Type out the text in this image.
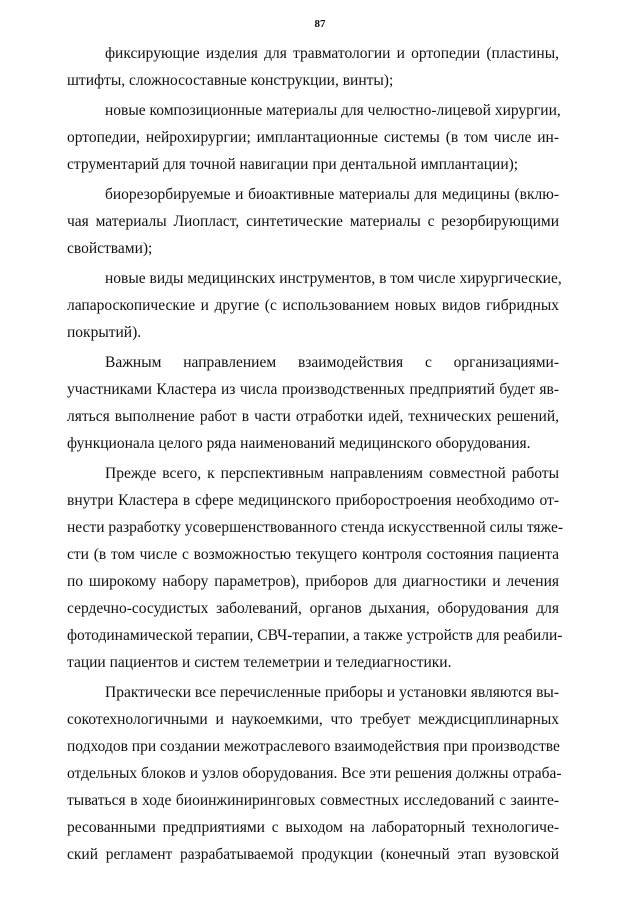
87
фиксирующие изделия для травматологии и ортопедии (пластины,
штифты, сложносоставные конструкции, винты);
новые композиционные материалы для челюстно-лицевой хирургии,
ортопедии, нейрохирургии; имплантационные системы (в том числе ин-
струментарий для точной навигации при дентальной имплантации);
биорезорбируемые и биоактивные материалы для медицины (вклю-
чая материалы Лиопласт, синтетические материалы с резорбирующими
свойствами);
новые виды медицинских инструментов, в том числе хирургические,
лапароскопические и другие (с использованием новых видов гибридных
покрытий).
Важным направлением взаимодействия с организациями-
участниками Кластера из числа производственных предприятий будет яв-
ляться выполнение работ в части отработки идей, технических решений,
функционала целого ряда наименований медицинского оборудования.
Прежде всего, к перспективным направлениям совместной работы
внутри Кластера в сфере медицинского приборостроения необходимо от-
нести разработку усовершенствованного стенда искусственной силы тяже-
сти (в том числе с возможностью текущего контроля состояния пациента
по широкому набору параметров), приборов для диагностики и лечения
сердечно-сосудистых заболеваний, органов дыхания, оборудования для
фотодинамической терапии, СВЧ-терапии, а также устройств для реабили-
тации пациентов и систем телеметрии и теледиагностики.
Практически все перечисленные приборы и установки являются вы-
сокотехнологичными и наукоемкими, что требует междисциплинарных
подходов при создании межотраслевого взаимодействия при производстве
отдельных блоков и узлов оборудования. Все эти решения должны отраба-
тываться в ходе биоинжиниринговых совместных исследований с заинте-
ресованными предприятиями с выходом на лабораторный технологиче-
ский регламент разрабатываемой продукции (конечный этап вузовской
